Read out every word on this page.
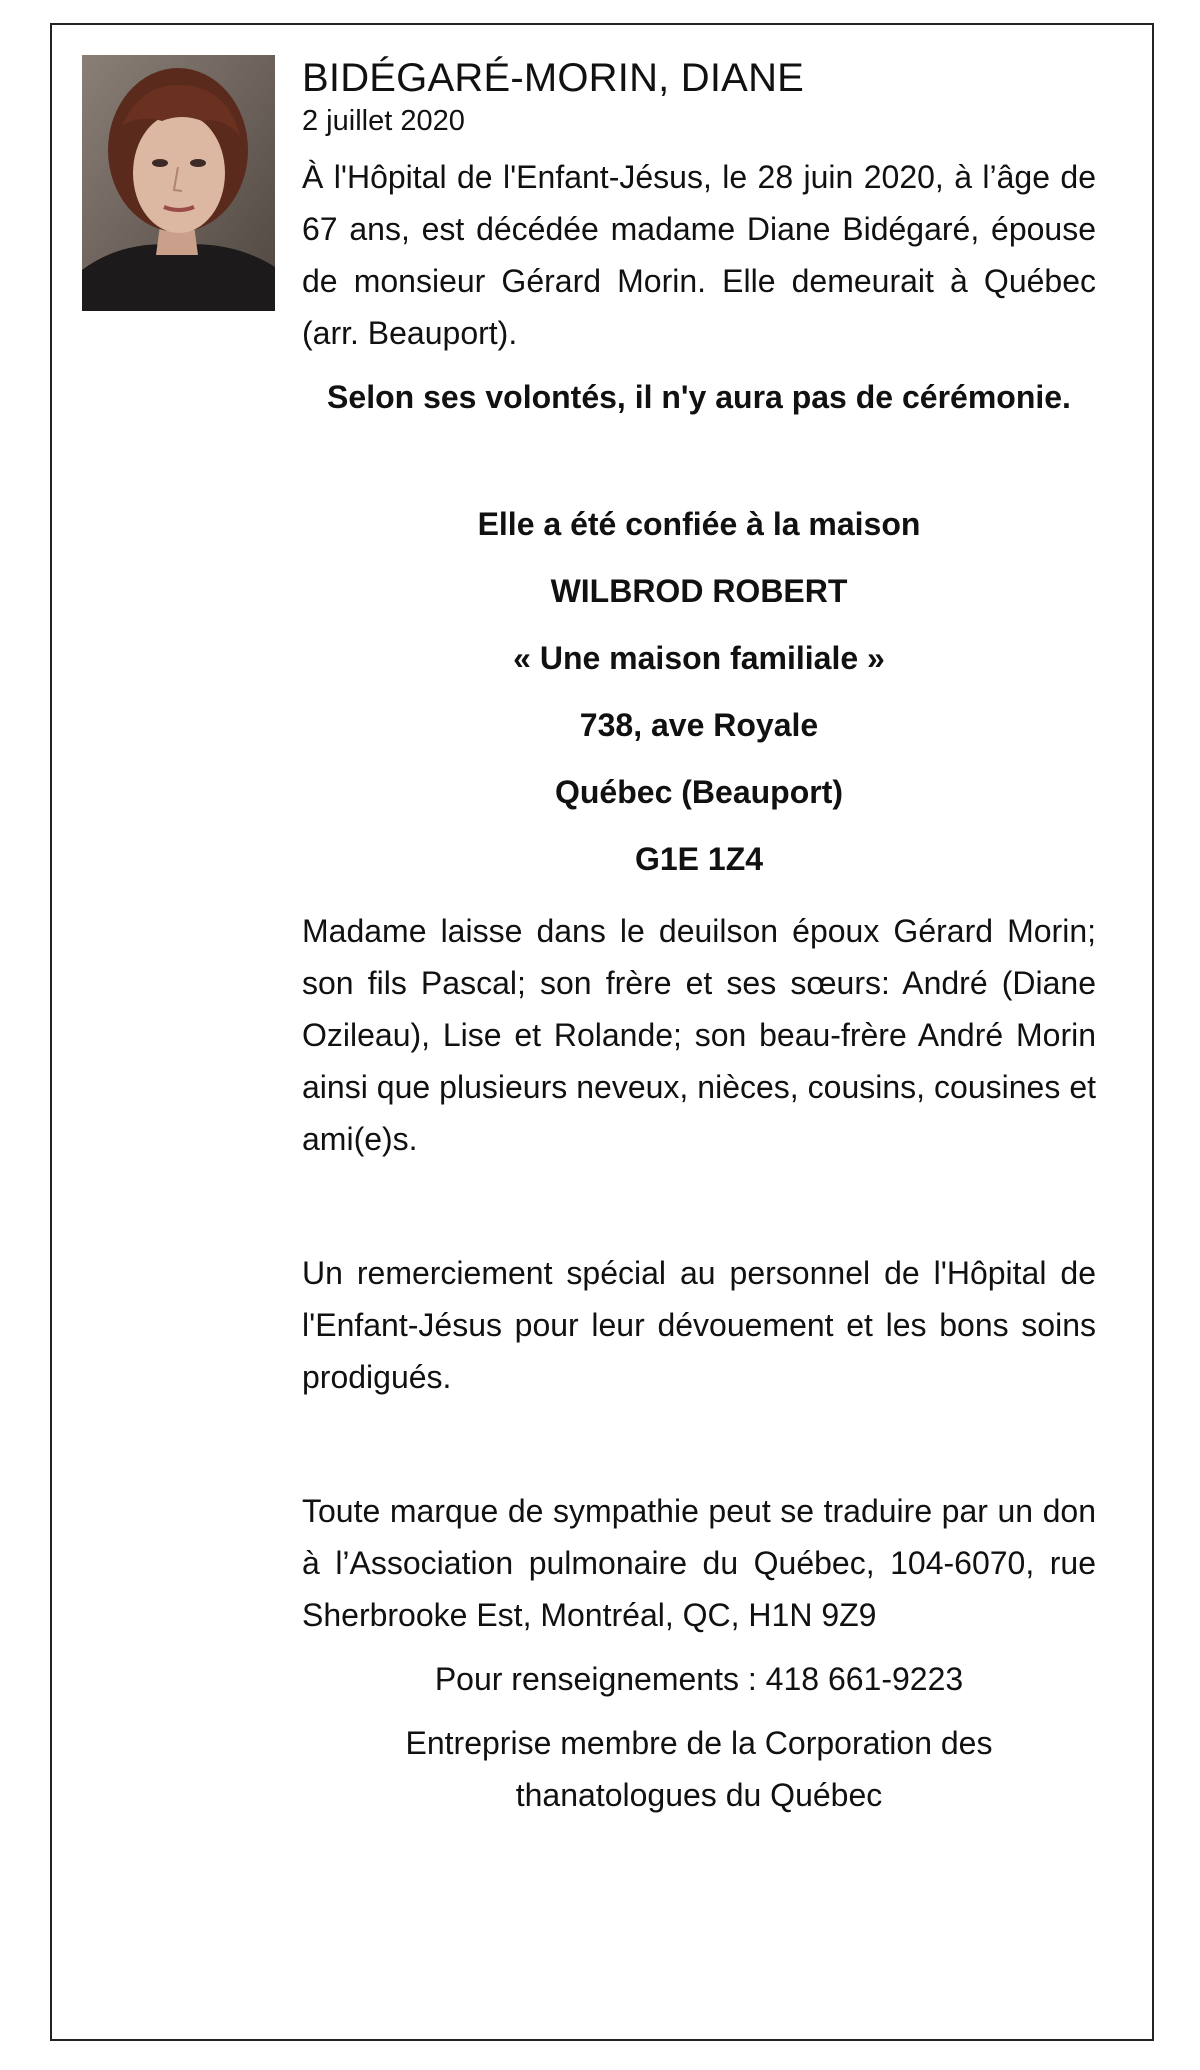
BIDÉGARÉ-MORIN, DIANE

2 juillet 2020

À l'Hôpital de l'Enfant-Jésus, le 28 juin 2020, à l’âge de 67 ans, est décédée madame Diane Bidégaré, épouse de monsieur Gérard Morin. Elle demeurait à Québec (arr. Beauport).

Selon ses volontés, il n'y aura pas de cérémonie.

Elle a été confiée à la maison

WILBROD ROBERT

« Une maison familiale »

738, ave Royale

Québec (Beauport)

G1E 1Z4

Madame laisse dans le deuilson époux Gérard Morin; son fils Pascal; son frère et ses sœurs: André (Diane Ozileau), Lise et Rolande; son beau-frère André Morin ainsi que plusieurs neveux, nièces, cousins, cousines et ami(e)s.

Un remerciement spécial au personnel de l'Hôpital de l'Enfant-Jésus pour leur dévouement et les bons soins prodigués.

Toute marque de sympathie peut se traduire par un don à l’Association pulmonaire du Québec, 104-6070, rue Sherbrooke Est, Montréal, QC, H1N 9Z9

Pour renseignements : 418 661-9223

Entreprise membre de la Corporation des thanatologues du Québec
